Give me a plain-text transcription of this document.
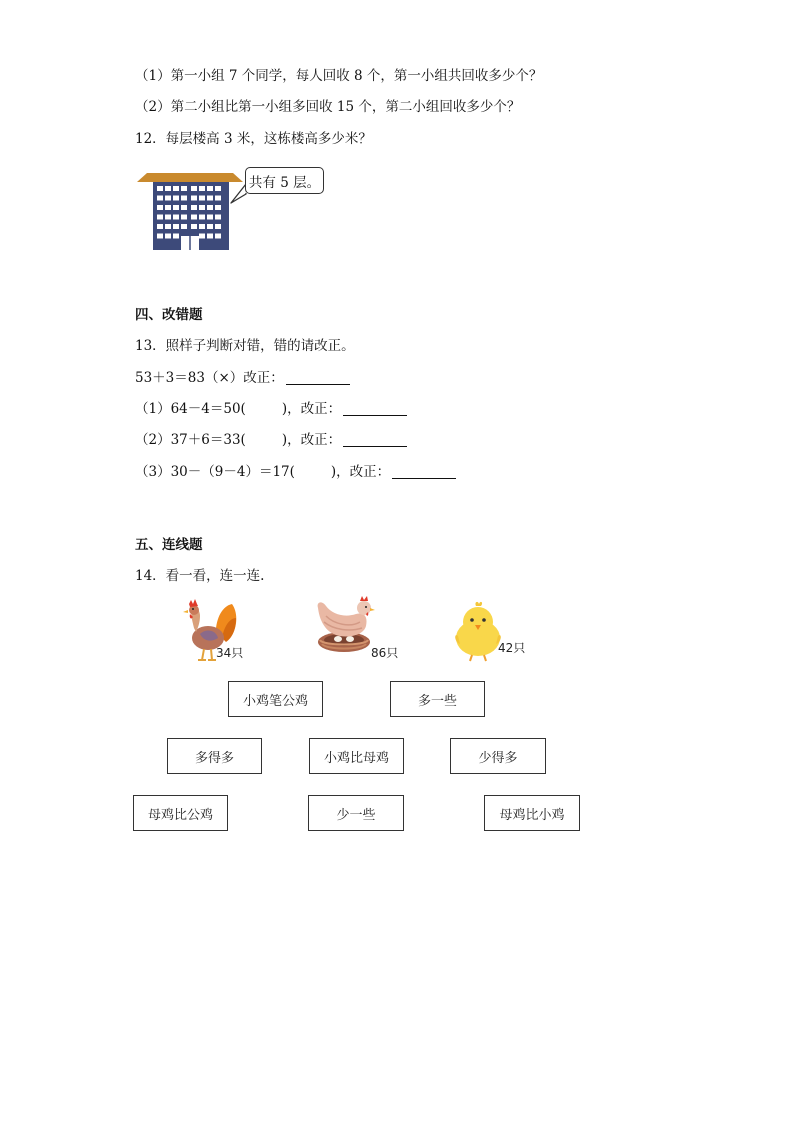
（1）第一小组 7 个同学，每人回收 8 个，第一小组共回收多少个？
（2）第二小组比第一小组多回收 15 个，第二小组回收多少个？
12．每层楼高 3 米，这栋楼高多少米？
共有 5 层。
四、改错题
13．照样子判断对错，错的请改正。
53＋3＝83（×）改正：
（1）64－4＝50(	)，改正：
（2）37＋6＝33(	)，改正：
（3）30－（9－4）＝17(	)，改正：
五、连线题
14．看一看，连一连.
34只	86只	42只
小鸡笔公鸡	多一些
多得多	小鸡比母鸡	少得多
母鸡比公鸡	少一些	母鸡比小鸡
